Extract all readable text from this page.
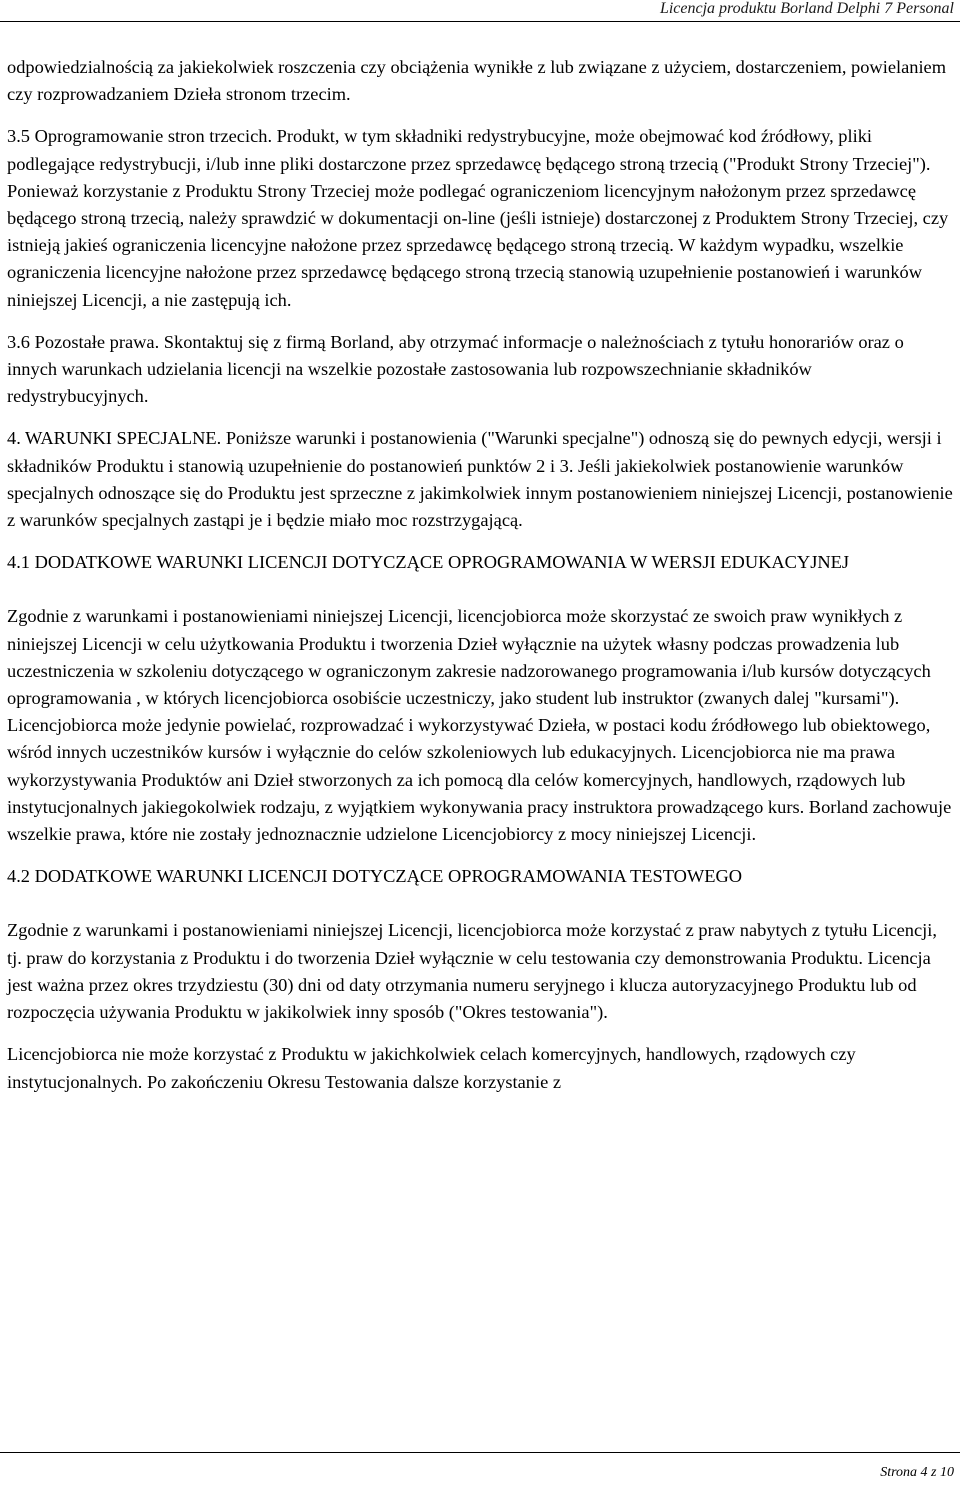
Licencja produktu Borland Delphi 7 Personal

odpowiedzialnością za jakiekolwiek roszczenia czy obciążenia wynikłe z lub związane z użyciem, dostarczeniem, powielaniem czy rozprowadzaniem Dzieła stronom trzecim.

3.5 Oprogramowanie stron trzecich. Produkt, w tym składniki redystrybucyjne, może obejmować kod źródłowy, pliki podlegające redystrybucji, i/lub inne pliki dostarczone przez sprzedawcę będącego stroną trzecią ("Produkt Strony Trzeciej"). Ponieważ korzystanie z Produktu Strony Trzeciej może podlegać ograniczeniom licencyjnym nałożonym przez sprzedawcę będącego stroną trzecią, należy sprawdzić w dokumentacji on-line (jeśli istnieje) dostarczonej z Produktem Strony Trzeciej, czy istnieją jakieś ograniczenia licencyjne nałożone przez sprzedawcę będącego stroną trzecią. W każdym wypadku, wszelkie ograniczenia licencyjne nałożone przez sprzedawcę będącego stroną trzecią stanowią uzupełnienie postanowień i warunków niniejszej Licencji, a nie zastępują ich.

3.6 Pozostałe prawa. Skontaktuj się z firmą Borland, aby otrzymać informacje o należnościach z tytułu honorariów oraz o innych warunkach udzielania licencji na wszelkie pozostałe zastosowania lub rozpowszechnianie składników redystrybucyjnych.

4. WARUNKI SPECJALNE. Poniższe warunki i postanowienia ("Warunki specjalne") odnoszą się do pewnych edycji, wersji i składników Produktu i stanowią uzupełnienie do postanowień punktów 2 i 3. Jeśli jakiekolwiek postanowienie warunków specjalnych odnoszące się do Produktu jest sprzeczne z jakimkolwiek innym postanowieniem niniejszej Licencji, postanowienie z warunków specjalnych zastąpi je i będzie miało moc rozstrzygającą.

4.1 DODATKOWE WARUNKI LICENCJI DOTYCZĄCE OPROGRAMOWANIA W WERSJI EDUKACYJNEJ

Zgodnie z warunkami i postanowieniami niniejszej Licencji, licencjobiorca może skorzystać ze swoich praw wynikłych z niniejszej Licencji w celu użytkowania Produktu i tworzenia Dzieł wyłącznie na użytek własny podczas prowadzenia lub uczestniczenia w szkoleniu dotyczącego w ograniczonym zakresie nadzorowanego programowania i/lub kursów dotyczących oprogramowania , w których licencjobiorca osobiście uczestniczy, jako student lub instruktor (zwanych dalej "kursami"). Licencjobiorca może jedynie powielać, rozprowadzać i wykorzystywać Dzieła, w postaci kodu źródłowego lub obiektowego, wśród innych uczestników kursów i wyłącznie do celów szkoleniowych lub edukacyjnych. Licencjobiorca nie ma prawa wykorzystywania Produktów ani Dzieł stworzonych za ich pomocą dla celów komercyjnych, handlowych, rządowych lub instytucjonalnych jakiegokolwiek rodzaju, z wyjątkiem wykonywania pracy instruktora prowadzącego kurs. Borland zachowuje wszelkie prawa, które nie zostały jednoznacznie udzielone Licencjobiorcy z mocy niniejszej Licencji.

4.2 DODATKOWE WARUNKI LICENCJI DOTYCZĄCE OPROGRAMOWANIA TESTOWEGO

Zgodnie z warunkami i postanowieniami niniejszej Licencji, licencjobiorca może korzystać z praw nabytych z tytułu Licencji, tj. praw do korzystania z Produktu i do tworzenia Dzieł wyłącznie w celu testowania czy demonstrowania Produktu. Licencja jest ważna przez okres trzydziestu (30) dni od daty otrzymania numeru seryjnego i klucza autoryzacyjnego Produktu lub od rozpoczęcia używania Produktu w jakikolwiek inny sposób ("Okres testowania").

Licencjobiorca nie może korzystać z Produktu w jakichkolwiek celach komercyjnych, handlowych, rządowych czy instytucjonalnych. Po zakończeniu Okresu Testowania dalsze korzystanie z

Strona 4 z 10
